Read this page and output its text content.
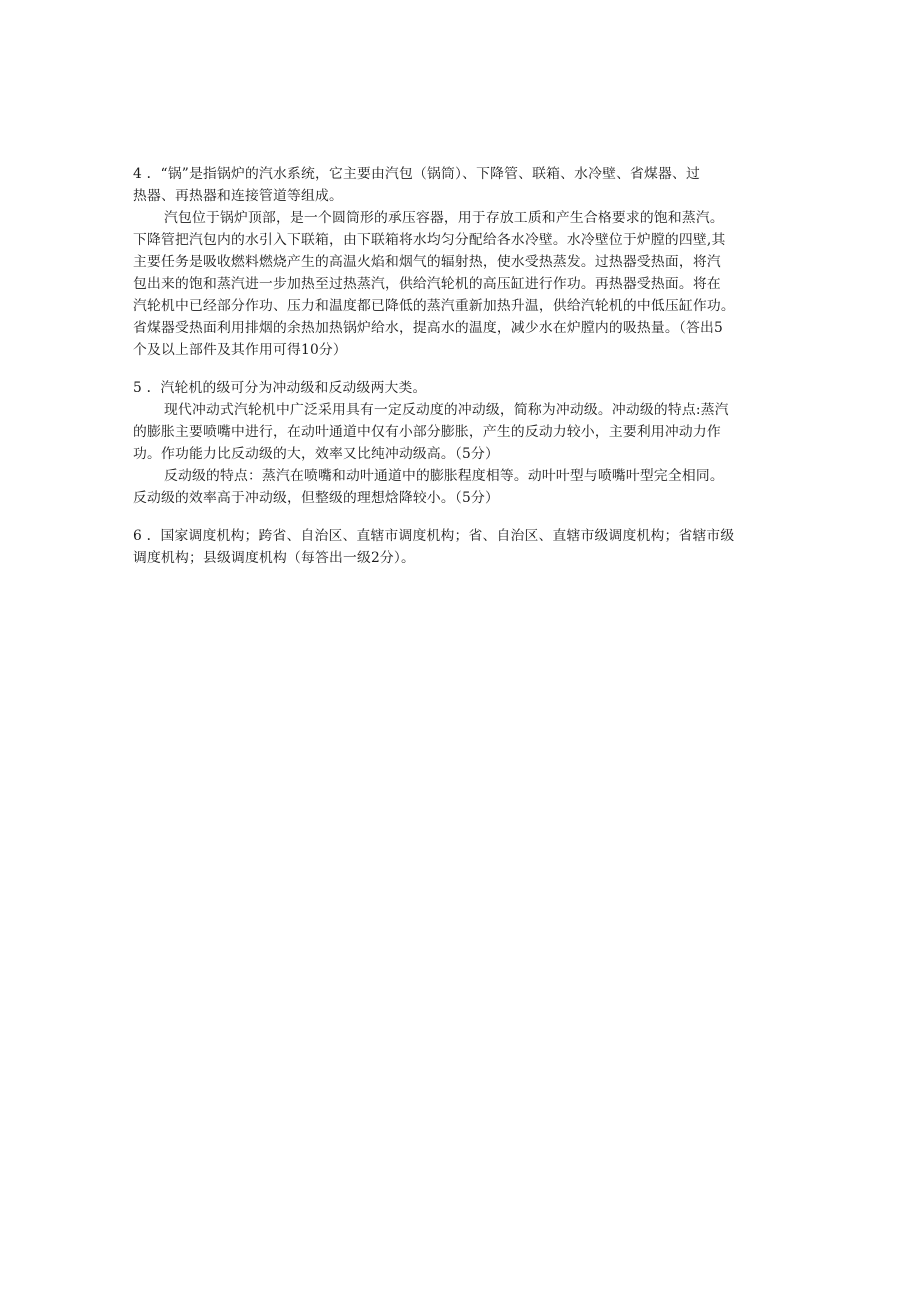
4 ．“锅”是指锅炉的汽水系统，它主要由汽包（锅筒）、下降管、联箱、水冷壁、省煤器、过

热器、再热器和连接管道等组成。

汽包位于锅炉顶部，是一个圆筒形的承压容器，用于存放工质和产生合格要求的饱和蒸汽。

下降管把汽包内的水引入下联箱，由下联箱将水均匀分配给各水冷壁。水冷壁位于炉膛的四壁,其

主要任务是吸收燃料燃烧产生的高温火焰和烟气的辐射热，使水受热蒸发。过热器受热面，将汽

包出来的饱和蒸汽进一步加热至过热蒸汽，供给汽轮机的高压缸进行作功。再热器受热面。将在

汽轮机中已经部分作功、压力和温度都已降低的蒸汽重新加热升温，供给汽轮机的中低压缸作功。

省煤器受热面利用排烟的余热加热锅炉给水，提高水的温度，减少水在炉膛内的吸热量。（答出5

个及以上部件及其作用可得10分）

5 ．汽轮机的级可分为冲动级和反动级两大类。

现代冲动式汽轮机中广泛采用具有一定反动度的冲动级，简称为冲动级。冲动级的特点:蒸汽

的膨胀主要喷嘴中进行，在动叶通道中仅有小部分膨胀，产生的反动力较小，主要利用冲动力作

功。作功能力比反动级的大，效率又比纯冲动级高。（5分）

反动级的特点：蒸汽在喷嘴和动叶通道中的膨胀程度相等。动叶叶型与喷嘴叶型完全相同。

反动级的效率高于冲动级，但整级的理想焓降较小。（5分）

6 ．国家调度机构；跨省、自治区、直辖市调度机构；省、自治区、直辖市级调度机构；省辖市级

调度机构；县级调度机构（每答出一级2分）。
